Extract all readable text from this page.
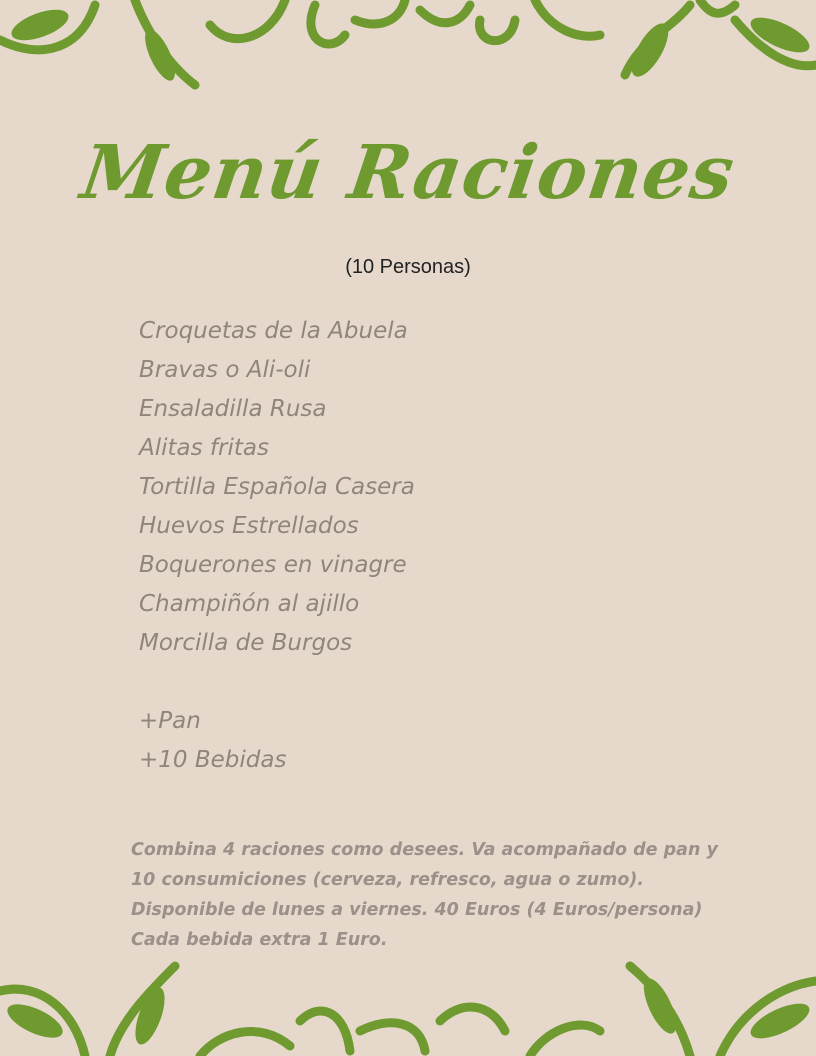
Menú Raciones
(10 Personas)
Croquetas de la Abuela
Bravas o Ali-oli
Ensaladilla Rusa
Alitas fritas
Tortilla Española Casera
Huevos Estrellados
Boquerones en vinagre
Champiñón al ajillo
Morcilla de Burgos
+Pan
+10 Bebidas
Combina 4 raciones como desees. Va acompañado de pan y
10 consumiciones (cerveza, refresco, agua o zumo).
Disponible de lunes a viernes. 40 Euros (4 Euros/persona)
Cada bebida extra 1 Euro.
